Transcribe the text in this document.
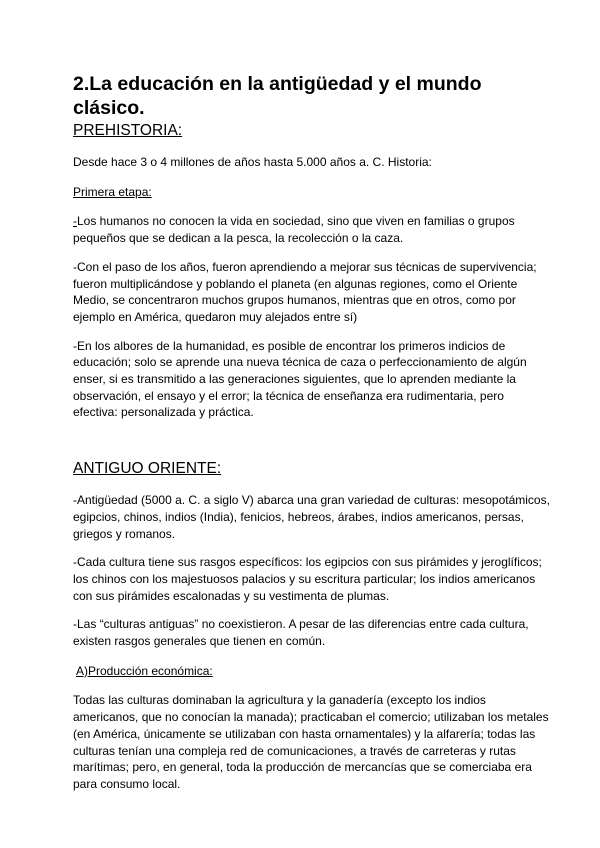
2.La educación en la antigüedad y el mundo clásico.
PREHISTORIA:

Desde hace 3 o 4 millones de años hasta 5.000 años a. C. Historia:

Primera etapa:

-Los humanos no conocen la vida en sociedad, sino que viven en familias o grupos pequeños que se dedican a la pesca, la recolección o la caza.

-Con el paso de los años, fueron aprendiendo a mejorar sus técnicas de supervivencia; fueron multiplicándose y poblando el planeta (en algunas regiones, como el Oriente Medio, se concentraron muchos grupos humanos, mientras que en otros, como por ejemplo en América, quedaron muy alejados entre sí)

-En los albores de la humanidad, es posible de encontrar los primeros indicios de educación; solo se aprende una nueva técnica de caza o perfeccionamiento de algún enser, si es transmitido a las generaciones siguientes, que lo aprenden mediante la observación, el ensayo y el error; la técnica de enseñanza era rudimentaria, pero efectiva: personalizada y práctica.

ANTIGUO ORIENTE:

-Antigüedad (5000 a. C. a siglo V) abarca una gran variedad de culturas: mesopotámicos, egipcios, chinos, indios (India), fenicios, hebreos, árabes, indios americanos, persas, griegos y romanos.

-Cada cultura tiene sus rasgos específicos: los egipcios con sus pirámides y jeroglíficos; los chinos con los majestuosos palacios y su escritura particular; los indios americanos con sus pirámides escalonadas y su vestimenta de plumas.

-Las “culturas antiguas” no coexistieron. A pesar de las diferencias entre cada cultura, existen rasgos generales que tienen en común.

A)Producción económica:

Todas las culturas dominaban la agricultura y la ganadería (excepto los indios americanos, que no conocían la manada); practicaban el comercio; utilizaban los metales (en América, únicamente se utilizaban con hasta ornamentales) y la alfarería; todas las culturas tenían una compleja red de comunicaciones, a través de carreteras y rutas marítimas; pero, en general, toda la producción de mercancías que se comerciaba era para consumo local.
